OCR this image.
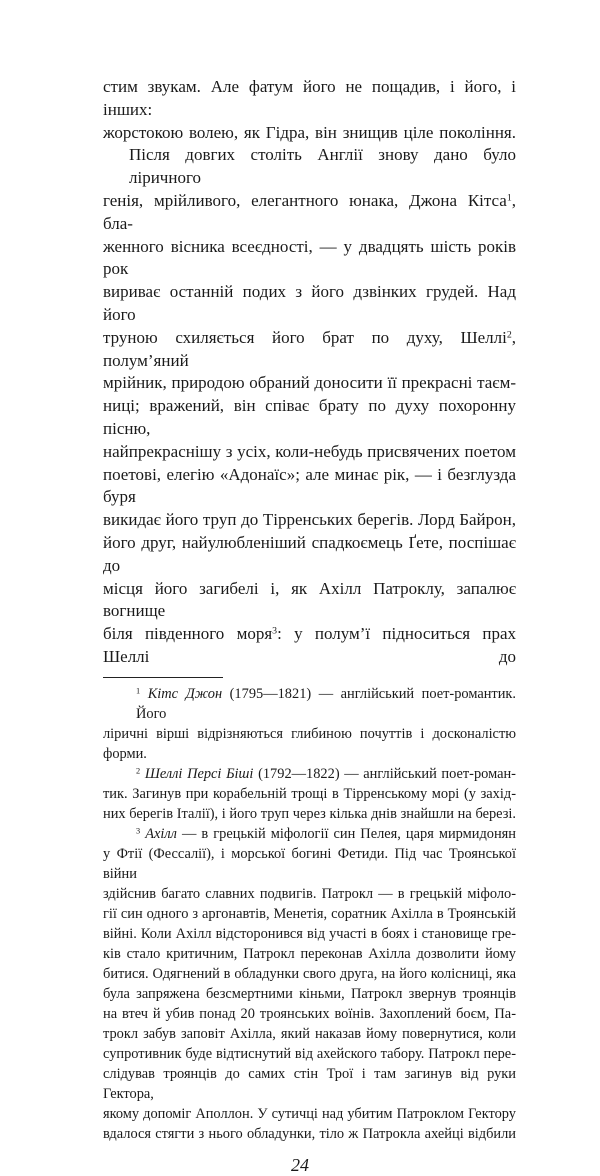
стим звукам. Але фатум його не пощадив, і його, і інших:
жорстокою волею, як Гідра, він знищив ціле покоління.
Після довгих століть Англії знову дано було ліричного
генія, мрійливого, елегантного юнака, Джона Кітса$^1$, бла-
женного вісника всеєдності, — у двадцять шість років рок
вириває останній подих з його дзвінких грудей. Над його
труною схиляється його брат по духу, Шеллі$^2$, полум’яний
мрійник, природою обраний доносити її прекрасні таєм-
ниці; вражений, він співає брату по духу похоронну пісню,
найпрекраснішу з усіх, коли-небудь присвячених поетом
поетові, елегію «Адонаїс»; але минає рік, — і безглузда буря
викидає його труп до Тірренських берегів. Лорд Байрон,
його друг, найулюбленіший спадкоємець Ґете, поспішає до
місця його загибелі і, як Ахілл Патроклу, запалює вогнище
біля південного моря$^3$: у полум’ї підноситься прах Шеллі до
$^1$ Кітс Джон (1795—1821) — англійський поет-романтик. Його
ліричні вірші відрізняються глибиною почуттів і досконалістю
форми.
$^2$ Шеллі Персі Біші (1792—1822) — англійський поет-роман-
тик. Загинув при корабельній трощі в Тірренському морі (у захід-
них берегів Італії), і його труп через кілька днів знайшли на березі.
$^3$ Ахілл — в грецькій міфології син Пелея, царя мирмидонян
у Фтії (Фессалії), і морської богині Фетиди. Під час Троянської війни
здійснив багато славних подвигів. Патрокл — в грецькій міфоло-
гії син одного з аргонавтів, Менетія, соратник Ахілла в Троянській
війні. Коли Ахілл відсторонився від участі в боях і становище гре-
ків стало критичним, Патрокл переконав Ахілла дозволити йому
битися. Одягнений в обладунки свого друга, на його колісниці, яка
була запряжена безсмертними кіньми, Патрокл звернув троянців
на втеч й убив понад 20 троянських воїнів. Захоплений боєм, Па-
трокл забув заповіт Ахілла, який наказав йому повернутися, коли
супротивник буде відтиснутий від ахейского табору. Патрокл пере-
слідував троянців до самих стін Трої і там загинув від руки Гектора,
якому допоміг Аполлон. У сутичці над убитим Патроклом Гектору
вдалося стягти з нього обладунки, тіло ж Патрокла ахейці відбили
24
